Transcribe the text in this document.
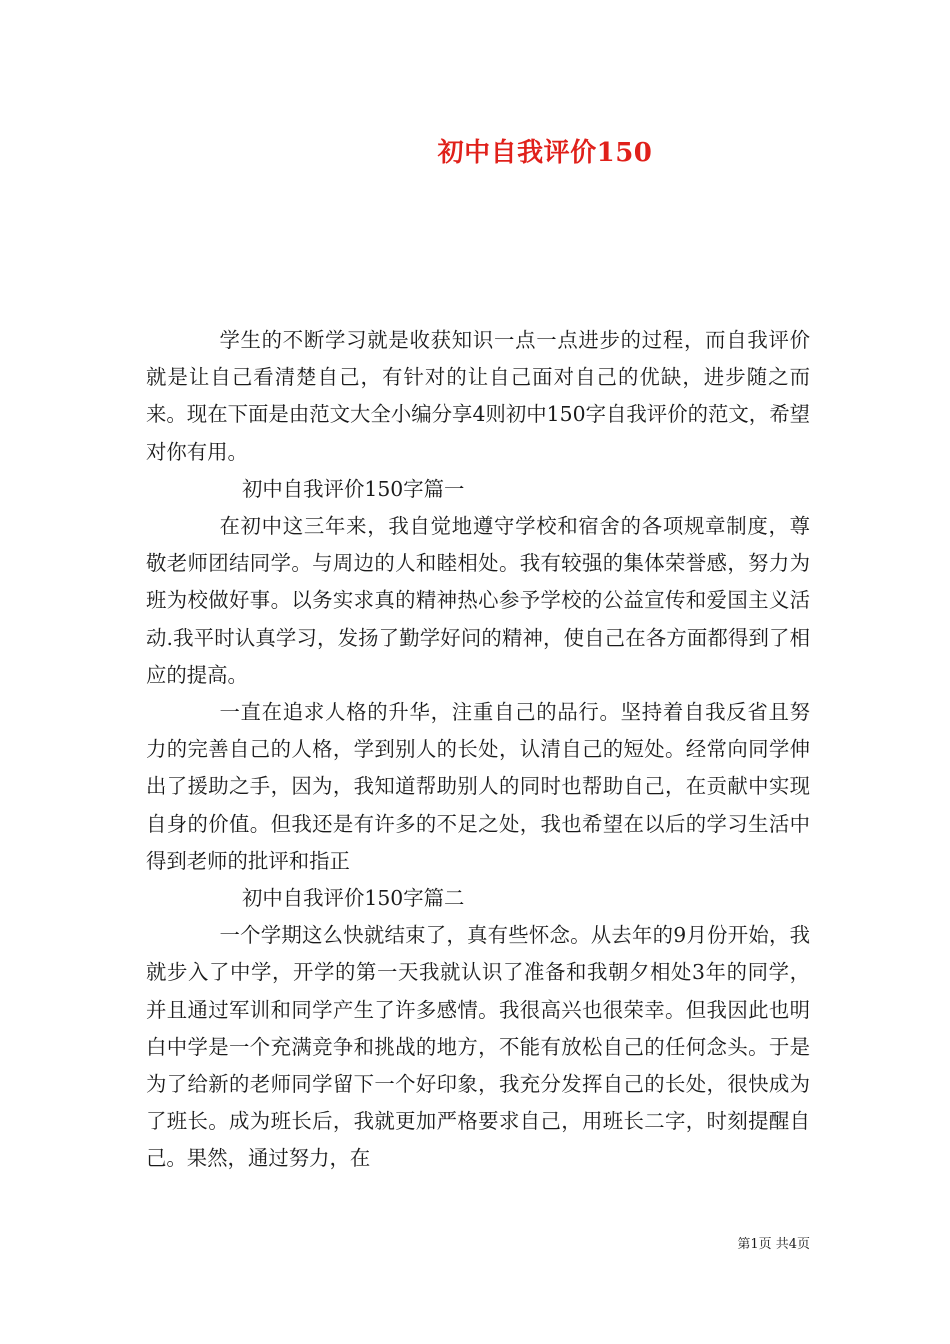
初中自我评价150

学生的不断学习就是收获知识一点一点进步的过程，而自我评价就是让自己看清楚自己，有针对的让自己面对自己的优缺，进步随之而来。现在下面是由范文大全小编分享4则初中150字自我评价的范文，希望对你有用。

初中自我评价150字篇一

在初中这三年来，我自觉地遵守学校和宿舍的各项规章制度，尊敬老师团结同学。与周边的人和睦相处。我有较强的集体荣誉感，努力为班为校做好事。以务实求真的精神热心参予学校的公益宣传和爱国主义活动.我平时认真学习，发扬了勤学好问的精神，使自己在各方面都得到了相应的提高。

一直在追求人格的升华，注重自己的品行。坚持着自我反省且努力的完善自己的人格，学到别人的长处，认清自己的短处。经常向同学伸出了援助之手，因为，我知道帮助别人的同时也帮助自己，在贡献中实现自身的价值。但我还是有许多的不足之处，我也希望在以后的学习生活中得到老师的批评和指正

初中自我评价150字篇二

一个学期这么快就结束了，真有些怀念。从去年的9月份开始，我就步入了中学，开学的第一天我就认识了准备和我朝夕相处3年的同学，并且通过军训和同学产生了许多感情。我很高兴也很荣幸。但我因此也明白中学是一个充满竞争和挑战的地方，不能有放松自己的任何念头。于是为了给新的老师同学留下一个好印象，我充分发挥自己的长处，很快成为了班长。成为班长后，我就更加严格要求自己，用班长二字，时刻提醒自己。果然，通过努力，在

第1页 共4页
